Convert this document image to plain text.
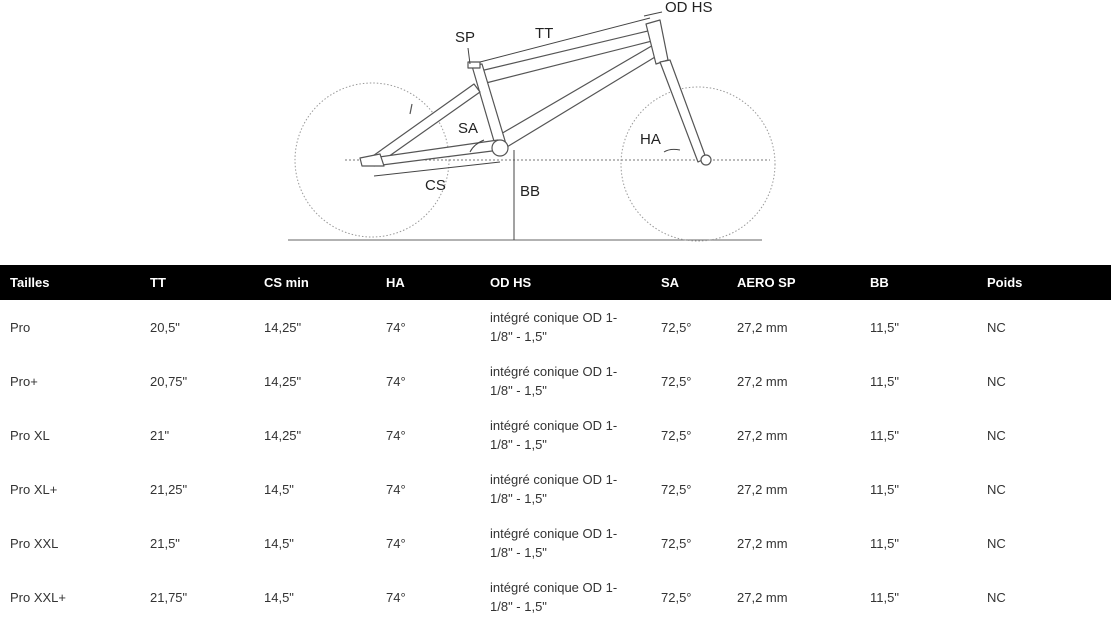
SP	TT
OD HS
SA
HA
CS	BB
Tailles	TT	CS min	HA	OD HS	SA	AERO SP	BB	Poids
Pro	20,5"	14,25"	74°	intégré conique OD 1-1/8" - 1,5"	72,5°	27,2 mm	11,5"	NC
Pro+	20,75"	14,25"	74°	intégré conique OD 1-1/8" - 1,5"	72,5°	27,2 mm	11,5"	NC
Pro XL	21"	14,25"	74°	intégré conique OD 1-1/8" - 1,5"	72,5°	27,2 mm	11,5"	NC
Pro XL+	21,25"	14,5"	74°	intégré conique OD 1-1/8" - 1,5"	72,5°	27,2 mm	11,5"	NC
Pro XXL	21,5"	14,5"	74°	intégré conique OD 1-1/8" - 1,5"	72,5°	27,2 mm	11,5"	NC
Pro XXL+	21,75"	14,5"	74°	intégré conique OD 1-1/8" - 1,5"	72,5°	27,2 mm	11,5"	NC
